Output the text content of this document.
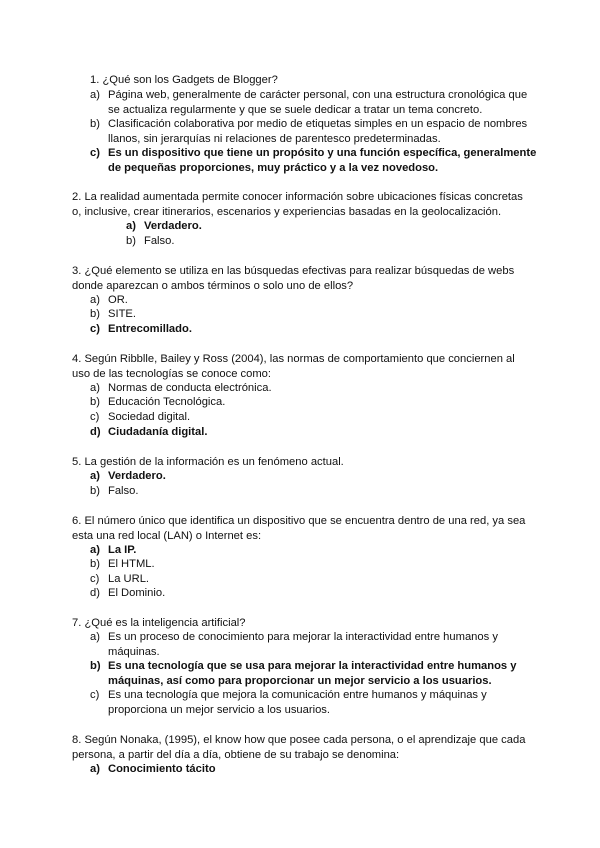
1. ¿Qué son los Gadgets de Blogger?

a) Página web, generalmente de carácter personal, con una estructura cronológica que se actualiza regularmente y que se suele dedicar a tratar un tema concreto.
b) Clasificación colaborativa por medio de etiquetas simples en un espacio de nombres llanos, sin jerarquías ni relaciones de parentesco predeterminadas.
c) Es un dispositivo que tiene un propósito y una función específica, generalmente de pequeñas proporciones, muy práctico y a la vez novedoso.

2. La realidad aumentada permite conocer información sobre ubicaciones físicas concretas o, inclusive, crear itinerarios, escenarios y experiencias basadas en la geolocalización.

a) Verdadero.
b) Falso.

3. ¿Qué elemento se utiliza en las búsquedas efectivas para realizar búsquedas de webs donde aparezcan o ambos términos o solo uno de ellos?

a) OR.
b) SITE.
c) Entrecomillado.

4. Según Ribblle, Bailey y Ross (2004), las normas de comportamiento que conciernen al uso de las tecnologías se conoce como:

a) Normas de conducta electrónica.
b) Educación Tecnológica.
c) Sociedad digital.
d) Ciudadanía digital.

5. La gestión de la información es un fenómeno actual.

a) Verdadero.
b) Falso.

6. El número único que identifica un dispositivo que se encuentra dentro de una red, ya sea esta una red local (LAN) o Internet es:

a) La IP.
b) El HTML.
c) La URL.
d) El Dominio.

7. ¿Qué es la inteligencia artificial?

a) Es un proceso de conocimiento para mejorar la interactividad entre humanos y máquinas.
b) Es una tecnología que se usa para mejorar la interactividad entre humanos y máquinas, así como para proporcionar un mejor servicio a los usuarios.
c) Es una tecnología que mejora la comunicación entre humanos y máquinas y proporciona un mejor servicio a los usuarios.

8. Según Nonaka, (1995), el know how que posee cada persona, o el aprendizaje que cada persona, a partir del día a día, obtiene de su trabajo se denomina:

a) Conocimiento tácito
